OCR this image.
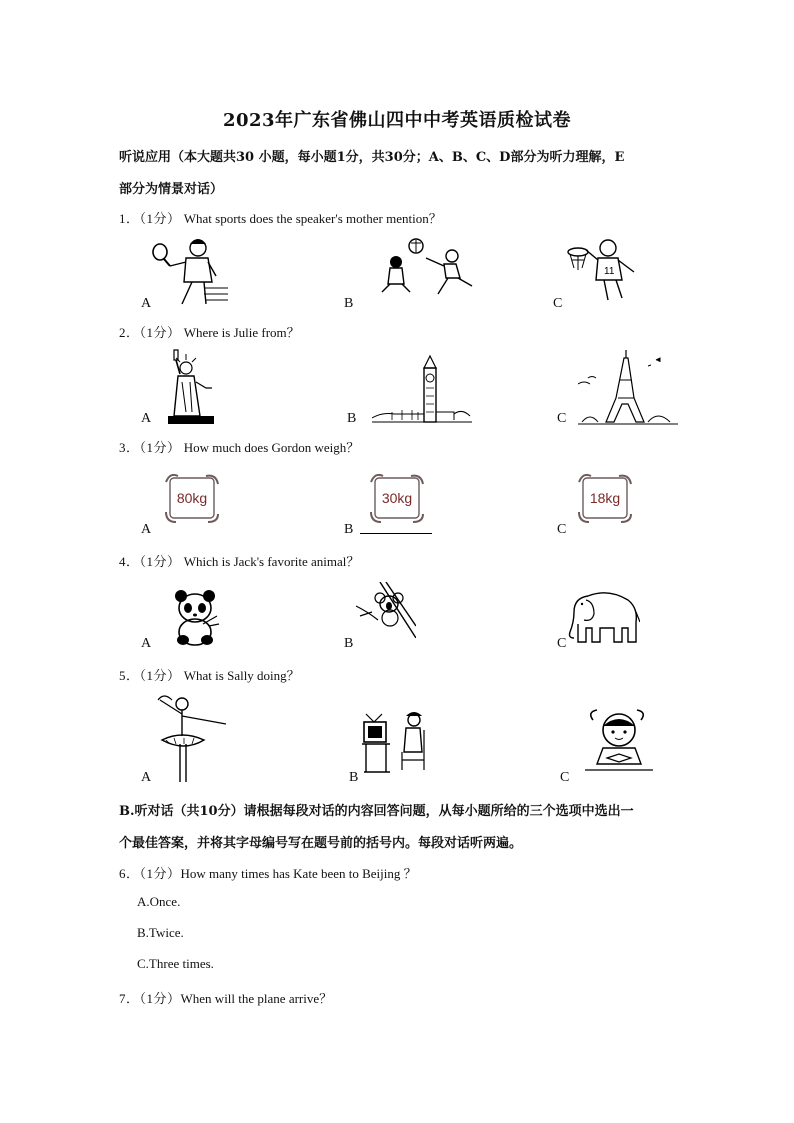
2023年广东省佛山四中中考英语质检试卷
听说应用（本大题共30 小题，每小题1分，共30分；A、B、C、D部分为听力理解，E
部分为情景对话）
1．（1分） What sports does the speaker's mother mention？
A	B
11
C
2．（1分） Where is Julie from？
A	B	C
3．（1分） How much does Gordon weigh？
80kg
A
30kg
B
18kg
C
4．（1分） Which is Jack's favorite animal？
A	B	C
5．（1分） What is Sally doing？
A	B	C
B.听对话（共10分）请根据每段对话的内容回答问题，从每小题所给的三个选项中选出一
个最佳答案，并将其字母编号写在题号前的括号内。每段对话听两遍。
6．（1分）How many times has Kate been to Beijing ？
A.Once.
B.Twice.
C.Three times.
7．（1分）When will the plane arrive？
